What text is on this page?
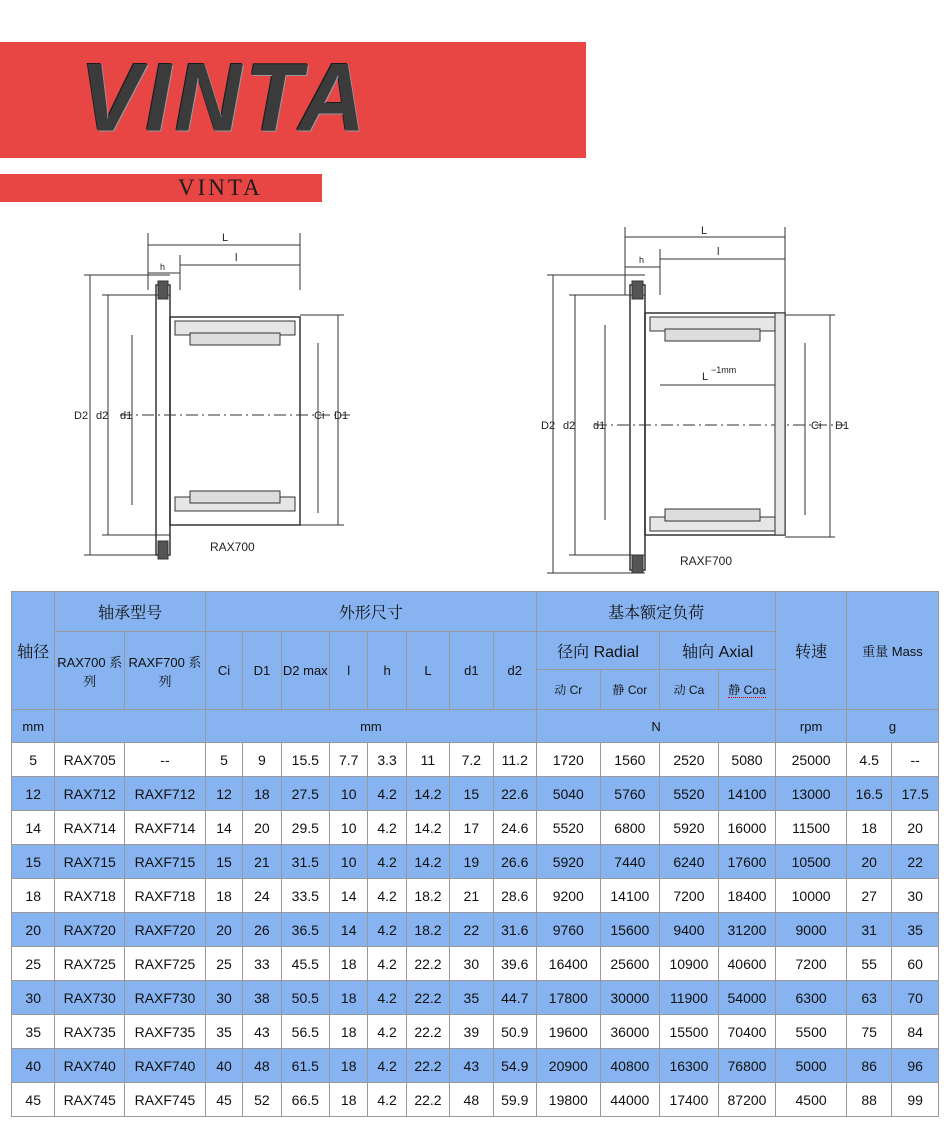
VINTA
VINTA
L
l
h
D2 d2 d1	Ci D1
RAX700
L
l
h
L
−1mm
D2 d2 d1	Ci D1
RAXF700
轴径	轴承型号		外形尺寸								基本额定负荷				转速	重量 Mass	
	RAX700 系列	RAXF700 系列	Ci	D1	D2 max	l	h	L	d1	d2	径向 Radial		轴向 Axial				
											动 Cr	静 Cor	动 Ca	静 Coa			
mm			mm								N				rpm	g	
5	RAX705	--	5	9	15.5	7.7	3.3	11	7.2	11.2	1720	1560	2520	5080	25000	4.5	--
12	RAX712	RAXF712	12	18	27.5	10	4.2	14.2	15	22.6	5040	5760	5520	14100	13000	16.5	17.5
14	RAX714	RAXF714	14	20	29.5	10	4.2	14.2	17	24.6	5520	6800	5920	16000	11500	18	20
15	RAX715	RAXF715	15	21	31.5	10	4.2	14.2	19	26.6	5920	7440	6240	17600	10500	20	22
18	RAX718	RAXF718	18	24	33.5	14	4.2	18.2	21	28.6	9200	14100	7200	18400	10000	27	30
20	RAX720	RAXF720	20	26	36.5	14	4.2	18.2	22	31.6	9760	15600	9400	31200	9000	31	35
25	RAX725	RAXF725	25	33	45.5	18	4.2	22.2	30	39.6	16400	25600	10900	40600	7200	55	60
30	RAX730	RAXF730	30	38	50.5	18	4.2	22.2	35	44.7	17800	30000	11900	54000	6300	63	70
35	RAX735	RAXF735	35	43	56.5	18	4.2	22.2	39	50.9	19600	36000	15500	70400	5500	75	84
40	RAX740	RAXF740	40	48	61.5	18	4.2	22.2	43	54.9	20900	40800	16300	76800	5000	86	96
45	RAX745	RAXF745	45	52	66.5	18	4.2	22.2	48	59.9	19800	44000	17400	87200	4500	88	99
